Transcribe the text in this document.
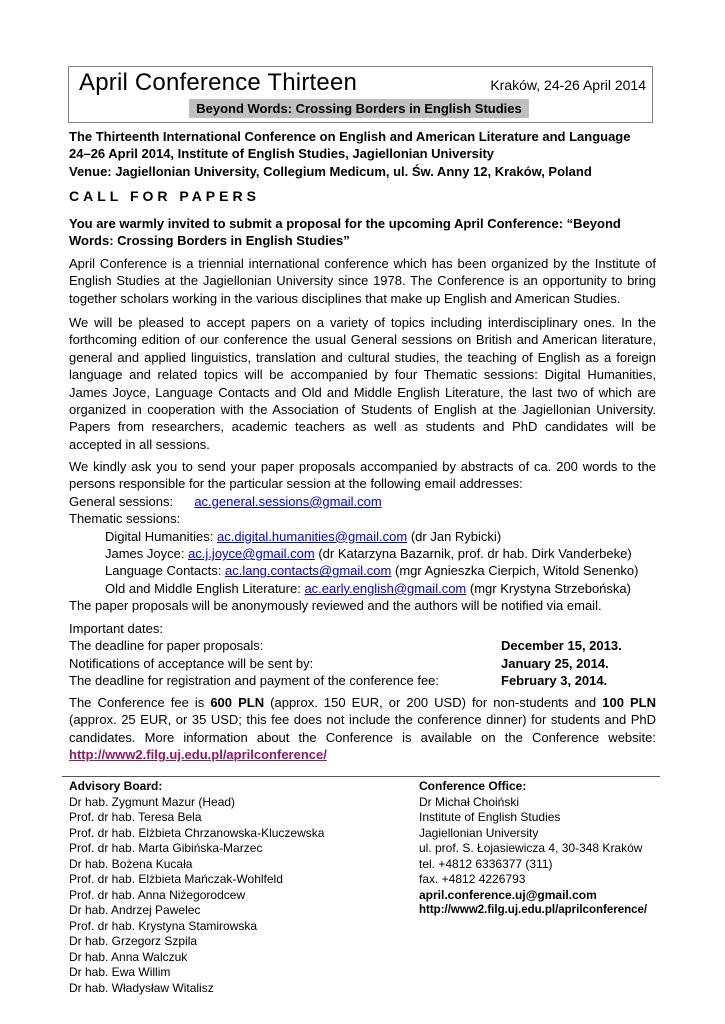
April Conference Thirteen	Kraków, 24-26 April 2014
Beyond Words: Crossing Borders in English Studies
The Thirteenth International Conference on English and American Literature and Language
24–26 April 2014, Institute of English Studies, Jagiellonian University
Venue: Jagiellonian University, Collegium Medicum, ul. Św. Anny 12, Kraków, Poland
CALL FOR PAPERS
You are warmly invited to submit a proposal for the upcoming April Conference: “Beyond Words: Crossing Borders in English Studies”
April Conference is a triennial international conference which has been organized by the Institute of English Studies at the Jagiellonian University since 1978. The Conference is an opportunity to bring together scholars working in the various disciplines that make up English and American Studies.
We will be pleased to accept papers on a variety of topics including interdisciplinary ones. In the forthcoming edition of our conference the usual General sessions on British and American literature, general and applied linguistics, translation and cultural studies, the teaching of English as a foreign language and related topics will be accompanied by four Thematic sessions: Digital Humanities, James Joyce, Language Contacts and Old and Middle English Literature, the last two of which are organized in cooperation with the Association of Students of English at the Jagiellonian University. Papers from researchers, academic teachers as well as students and PhD candidates will be accepted in all sessions.
We kindly ask you to send your paper proposals accompanied by abstracts of ca. 200 words to the persons responsible for the particular session at the following email addresses:
General sessions: ac.general.sessions@gmail.com
Thematic sessions:
Digital Humanities: ac.digital.humanities@gmail.com (dr Jan Rybicki)
James Joyce: ac.j.joyce@gmail.com (dr Katarzyna Bazarnik, prof. dr hab. Dirk Vanderbeke)
Language Contacts: ac.lang.contacts@gmail.com (mgr Agnieszka Cierpich, Witold Senenko)
Old and Middle English Literature: ac.early.english@gmail.com (mgr Krystyna Strzebońska)
The paper proposals will be anonymously reviewed and the authors will be notified via email.
Important dates:
The deadline for paper proposals:	December 15, 2013.
Notifications of acceptance will be sent by:	January 25, 2014.
The deadline for registration and payment of the conference fee:	February 3, 2014.
The Conference fee is 600 PLN (approx. 150 EUR, or 200 USD) for non-students and 100 PLN (approx. 25 EUR, or 35 USD; this fee does not include the conference dinner) for students and PhD candidates. More information about the Conference is available on the Conference website: http://www2.filg.uj.edu.pl/aprilconference/
Advisory Board:
Dr hab. Zygmunt Mazur (Head)
Prof. dr hab. Teresa Bela
Prof. dr hab. Elżbieta Chrzanowska-Kluczewska
Prof. dr hab. Marta Gibińska-Marzec
Dr hab. Bożena Kucała
Prof. dr hab. Elżbieta Mańczak-Wohlfeld
Prof. dr hab. Anna Niżegorodcew
Dr hab. Andrzej Pawelec
Prof. dr hab. Krystyna Stamirowska
Dr hab. Grzegorz Szpila
Dr hab. Anna Walczuk
Dr hab. Ewa Willim
Dr hab. Władysław Witalisz
Conference Office:
Dr Michał Choiński
Institute of English Studies
Jagiellonian University
ul. prof. S. Łojasiewicza 4, 30-348 Kraków
tel. +4812 6336377 (311)
fax. +4812 4226793
april.conference.uj@gmail.com
http://www2.filg.uj.edu.pl/aprilconference/
